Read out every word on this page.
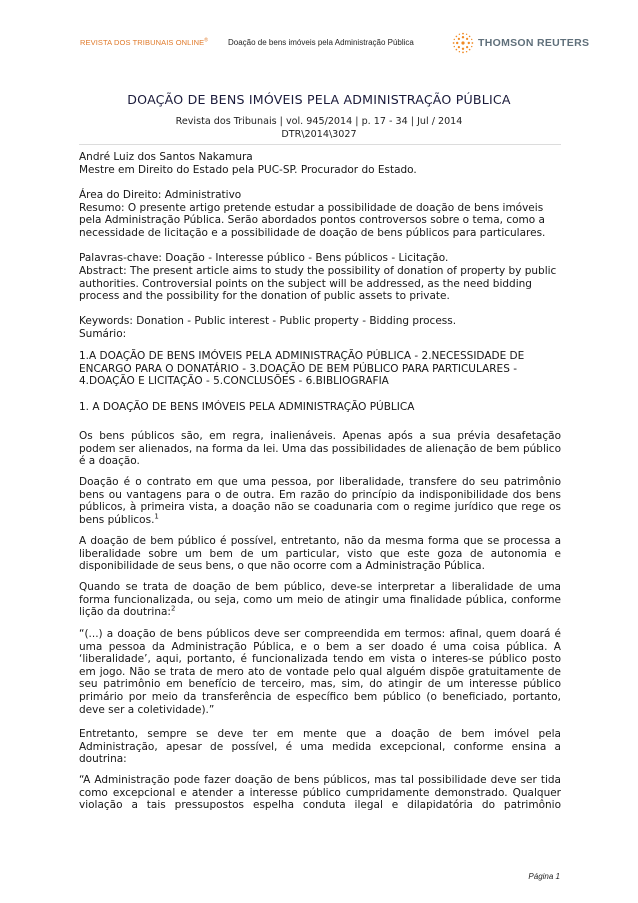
REVISTA DOS TRIBUNAIS ONLINE® Doação de bens imóveis pela Administração Pública	THOMSON REUTERS
DOAÇÃO DE BENS IMÓVEIS PELA ADMINISTRAÇÃO PÚBLICA
Revista dos Tribunais | vol. 945/2014 | p. 17 - 34 | Jul / 2014
DTR\2014\3027
André Luiz dos Santos Nakamura
Mestre em Direito do Estado pela PUC-SP. Procurador do Estado.
Área do Direito: Administrativo
Resumo: O presente artigo pretende estudar a possibilidade de doação de bens imóveis pela Administração Pública. Serão abordados pontos controversos sobre o tema, como a necessidade de licitação e a possibilidade de doação de bens públicos para particulares.
Palavras-chave: Doação - Interesse público - Bens públicos - Licitação.
Abstract: The present article aims to study the possibility of donation of property by public authorities. Controversial points on the subject will be addressed, as the need bidding process and the possibility for the donation of public assets to private.
Keywords: Donation - Public interest - Public property - Bidding process.
Sumário:
1.A DOAÇÃO DE BENS IMÓVEIS PELA ADMINISTRAÇÃO PÚBLICA - 2.NECESSIDADE DE ENCARGO PARA O DONATÁRIO - 3.DOAÇÃO DE BEM PÚBLICO PARA PARTICULARES - 4.DOAÇÃO E LICITAÇÃO - 5.CONCLUSÕES - 6.BIBLIOGRAFIA
1. A DOAÇÃO DE BENS IMÓVEIS PELA ADMINISTRAÇÃO PÚBLICA
Os bens públicos são, em regra, inalienáveis. Apenas após a sua prévia desafetação podem ser alienados, na forma da lei. Uma das possibilidades de alienação de bem público é a doação.
Doação é o contrato em que uma pessoa, por liberalidade, transfere do seu patrimônio bens ou vantagens para o de outra. Em razão do princípio da indisponibilidade dos bens públicos, à primeira vista, a doação não se coadunaria com o regime jurídico que rege os bens públicos.$^1$
A doação de bem público é possível, entretanto, não da mesma forma que se processa a liberalidade sobre um bem de um particular, visto que este goza de autonomia e disponibilidade de seus bens, o que não ocorre com a Administração Pública.
Quando se trata de doação de bem público, deve-se interpretar a liberalidade de uma forma funcionalizada, ou seja, como um meio de atingir uma finalidade pública, conforme lição da doutrina:$^2$
“(...) a doação de bens públicos deve ser compreendida em termos: afinal, quem doará é uma pessoa da Administração Pública, e o bem a ser doado é uma coisa pública. A ‘liberalidade’, aqui, portanto, é funcionalizada tendo em vista o interes-se público posto em jogo. Não se trata de mero ato de vontade pelo qual alguém dispõe gratuitamente de seu patrimônio em benefício de terceiro, mas, sim, do atingir de um interesse público primário por meio da transferência de específico bem público (o beneficiado, portanto, deve ser a coletividade).”
Entretanto, sempre se deve ter em mente que a doação de bem imóvel pela Administração, apesar de possível, é uma medida excepcional, conforme ensina a doutrina:
“A Administração pode fazer doação de bens públicos, mas tal possibilidade deve ser tida como excepcional e atender a interesse público cumpridamente demonstrado. Qualquer violação a tais pressupostos espelha conduta ilegal e dilapidatória do patrimônio
Página 1
